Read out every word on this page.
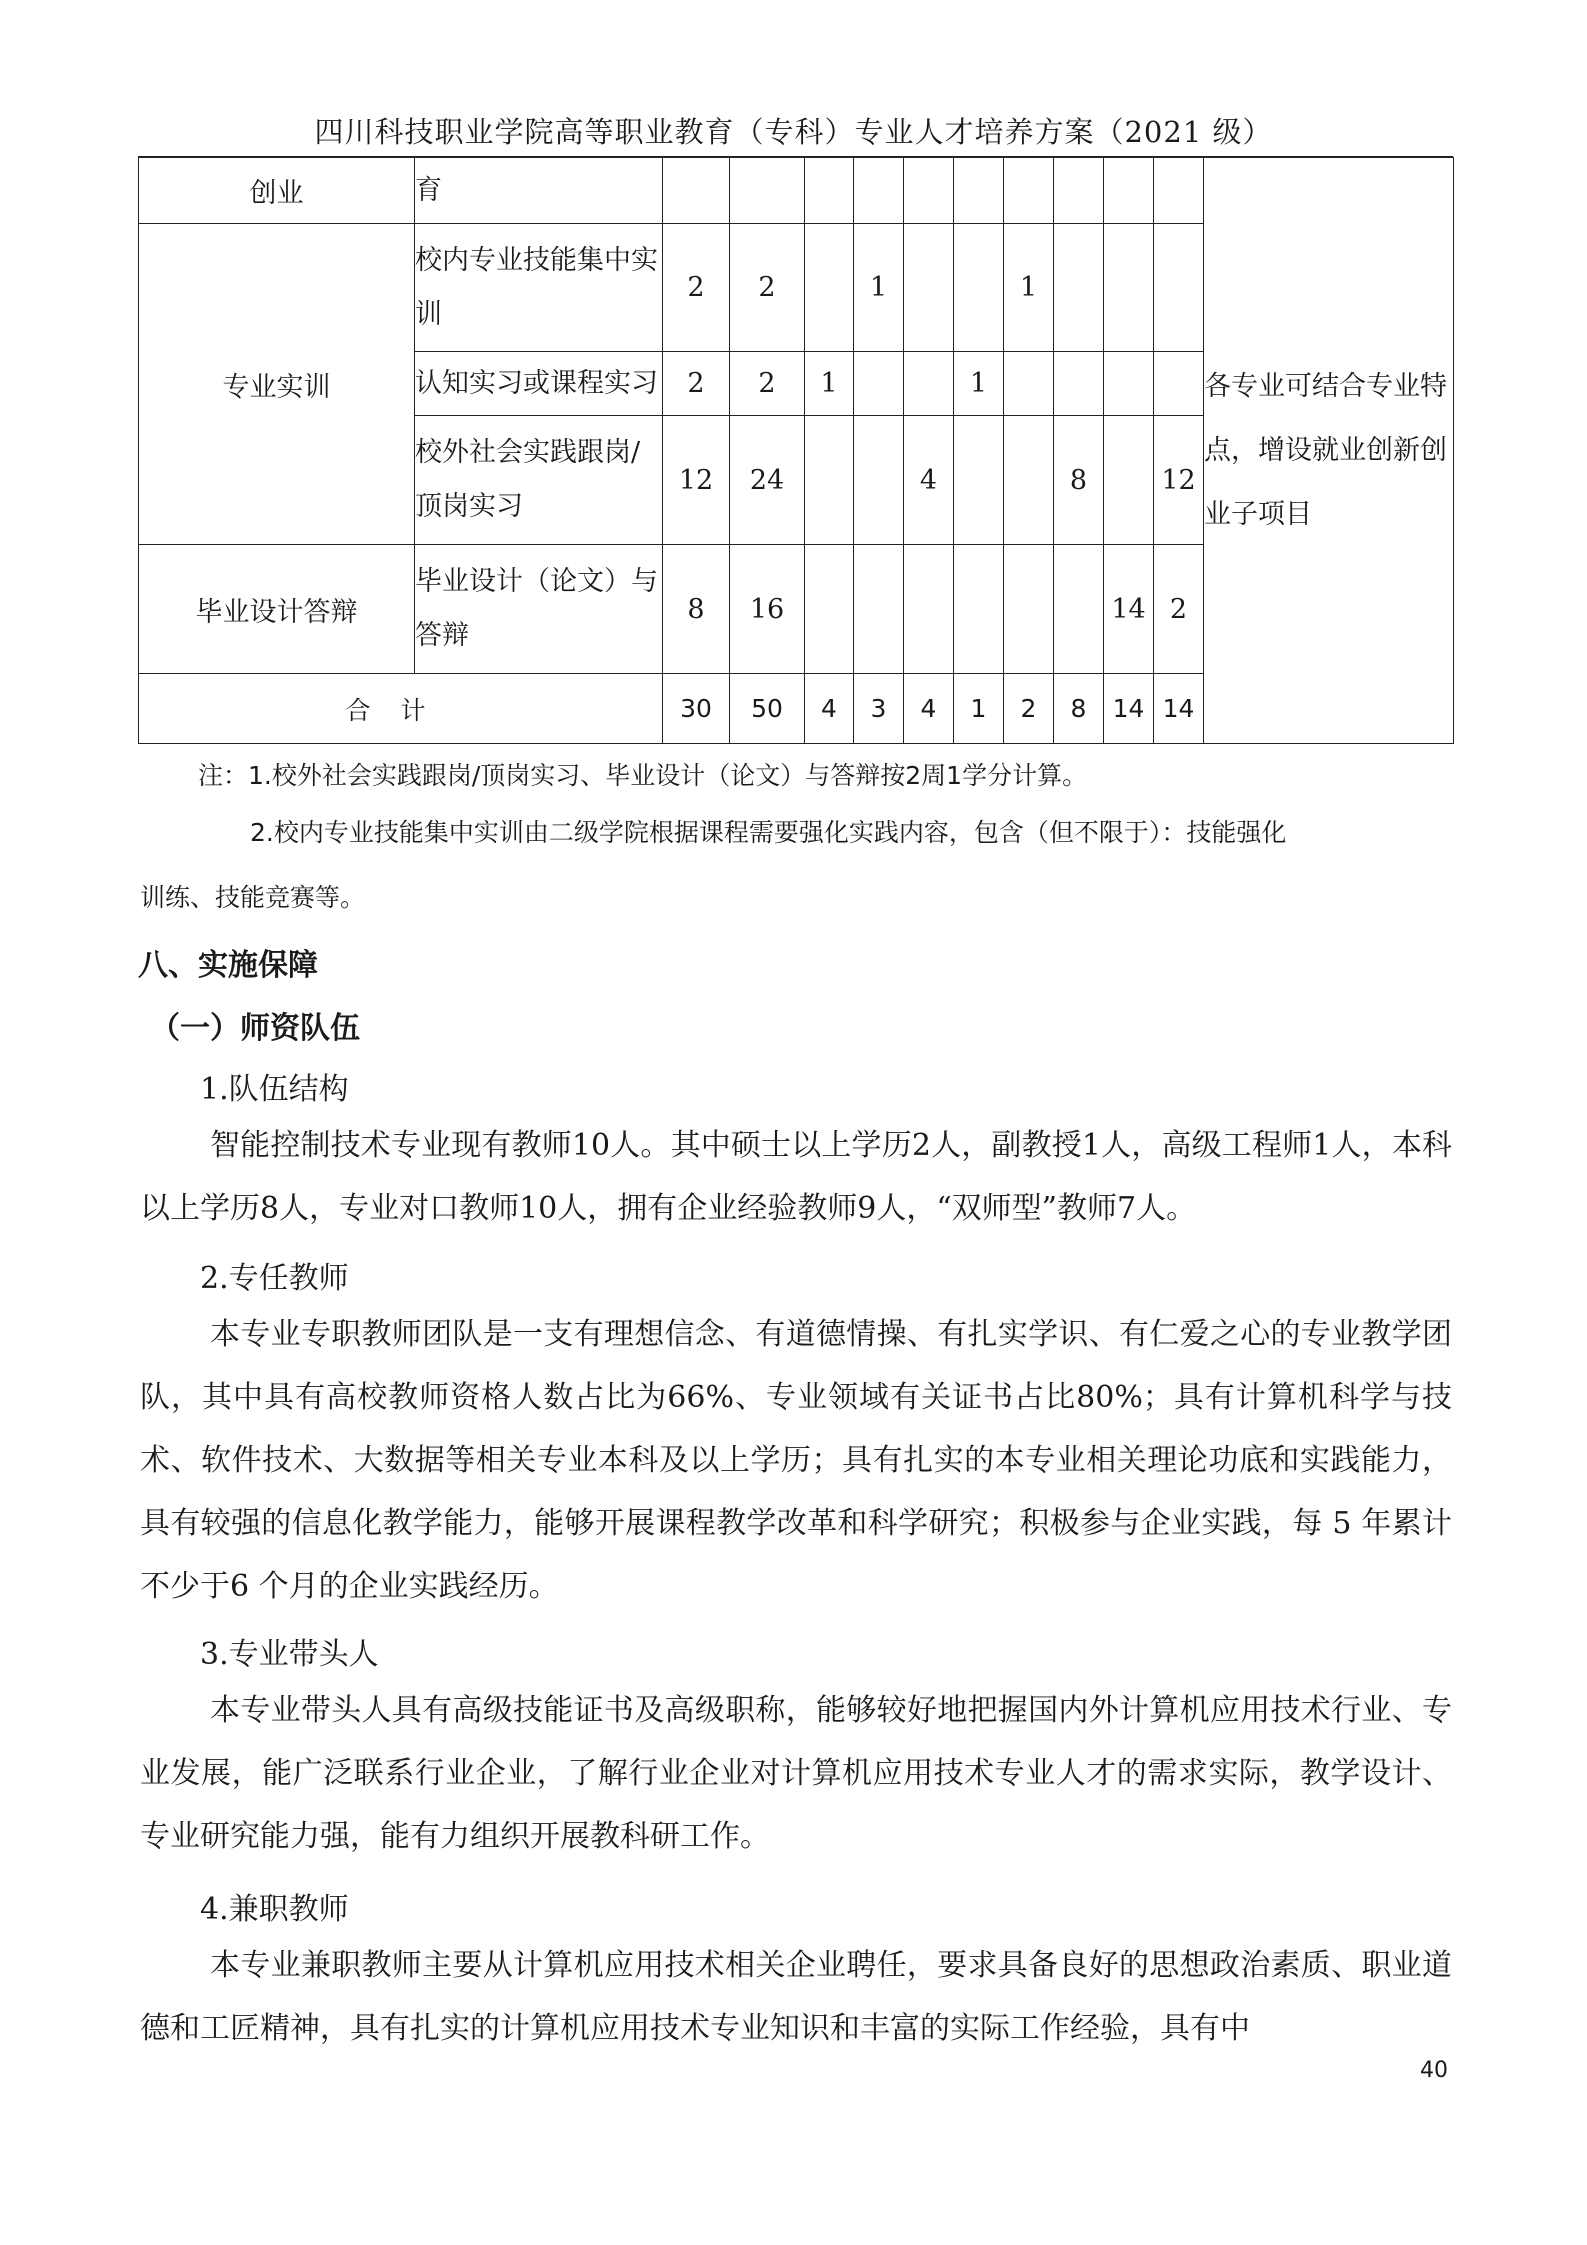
四川科技职业学院高等职业教育（专科）专业人才培养方案（2021 级）
创业	育											各专业可结合专业特点，增设就业创新创业子项目
专业实训	校内专业技能集中实训	2	2		1			1				
	认知实习或课程实习	2	2	1			1					
	校外社会实践跟岗/顶岗实习	12	24			4			8		12	
毕业设计答辩	毕业设计（论文）与答辩	8	16							14	2	
合计		30	50	4	3	4	1	2	8	14	14	
注：1.校外社会实践跟岗/顶岗实习、毕业设计（论文）与答辩按2周1学分计算。
2.校内专业技能集中实训由二级学院根据课程需要强化实践内容，包含（但不限于）：技能强化
训练、技能竞赛等。
八、实施保障
（一）师资队伍
1.队伍结构
智能控制技术专业现有教师10人。其中硕士以上学历2人，副教授1人，高级工程师1人，本科以上学历8人，专业对口教师10人，拥有企业经验教师9人，“双师型”教师7人。
2.专任教师
本专业专职教师团队是一支有理想信念、有道德情操、有扎实学识、有仁爱之心的专业教学团队，其中具有高校教师资格人数占比为66%、专业领域有关证书占比80%；具有计算机科学与技术、软件技术、大数据等相关专业本科及以上学历；具有扎实的本专业相关理论功底和实践能力，具有较强的信息化教学能力，能够开展课程教学改革和科学研究；积极参与企业实践，每 5 年累计不少于6 个月的企业实践经历。
3.专业带头人
本专业带头人具有高级技能证书及高级职称，能够较好地把握国内外计算机应用技术行业、专业发展，能广泛联系行业企业，了解行业企业对计算机应用技术专业人才的需求实际，教学设计、专业研究能力强，能有力组织开展教科研工作。
4.兼职教师
本专业兼职教师主要从计算机应用技术相关企业聘任，要求具备良好的思想政治素质、职业道德和工匠精神，具有扎实的计算机应用技术专业知识和丰富的实际工作经验，具有中
40
